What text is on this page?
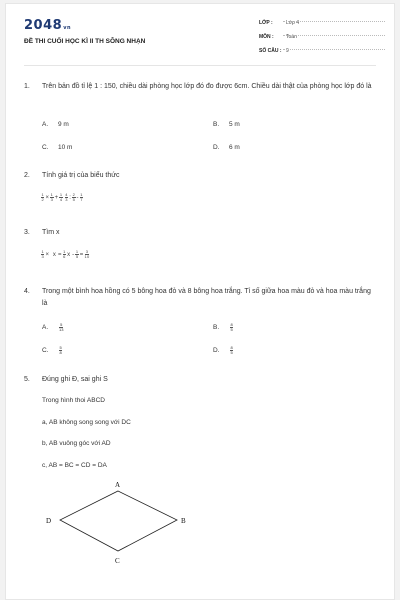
2048vn
ĐỀ THI CUỐI HỌC KÌ II TH SÔNG NHẠN
LỚP :	Lớp 4
MÔN : Toán
SỐ CÂU : 9
1. Trên bản đồ tỉ lệ 1 : 150, chiều dài phòng học lớp đó đo được 6cm. Chiều dài thật của phòng học lớp đó là
A. 9 m	B. 5 m
C. 10 m	D. 6 m
2. Tính giá trị của biểu thức
$\frac{1}{2} \times \frac{1}{3} + \frac{1}{4} \frac{4}{3}$ : $\frac{2}{5} - \frac{1}{7}$
3. Tìm x
$\frac{1}{3} \times x = \frac{1}{6}$ $x - \frac{1}{5} = \frac{3}{10}$
4. Trong một bình hoa hồng có 5 bông hoa đỏ và 8 bông hoa trắng. Tỉ số giữa hoa màu đỏ và hoa màu trắng là
A.	$\frac{5}{13}$	B.	$\frac{8}{5}$
C.	$\frac{5}{8}$	D.	$\frac{8}{5}$
5. Đúng ghi Đ, sai ghi S
Trong hình thoi ABCD
a, AB không song song với DC
b, AB vuông góc với AD
c, AB = BC = CD = DA
A
B
C
D
